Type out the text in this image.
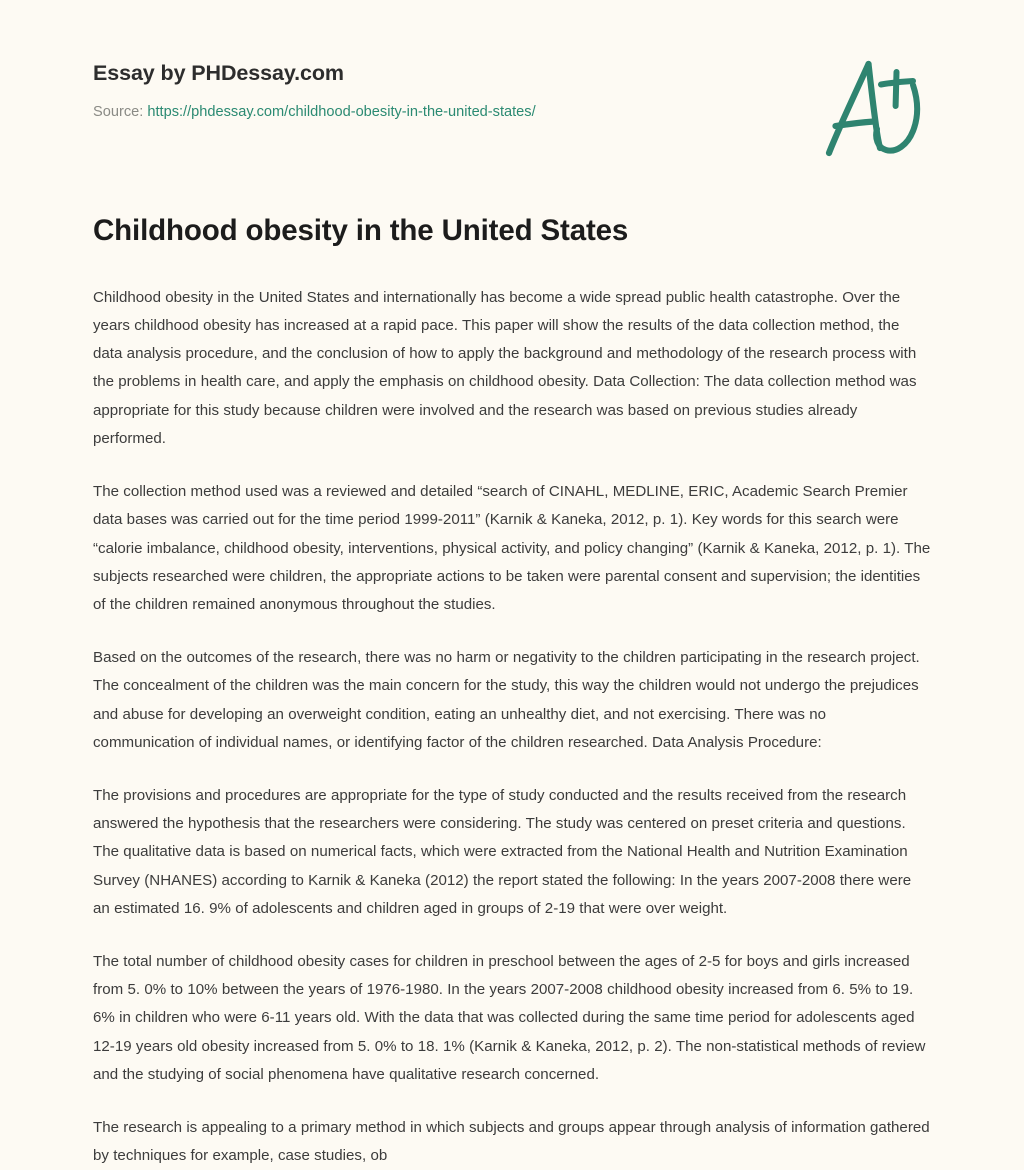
Essay by PHDessay.com
Source: https://phdessay.com/childhood-obesity-in-the-united-states/
Childhood obesity in the United States

Childhood obesity in the United States and internationally has become a wide spread public health catastrophe. Over the years childhood obesity has increased at a rapid pace. This paper will show the results of the data collection method, the data analysis procedure, and the conclusion of how to apply the background and methodology of the research process with the problems in health care, and apply the emphasis on childhood obesity. Data Collection: The data collection method was appropriate for this study because children were involved and the research was based on previous studies already performed.

The collection method used was a reviewed and detailed “search of CINAHL, MEDLINE, ERIC, Academic Search Premier data bases was carried out for the time period 1999-2011” (Karnik & Kaneka, 2012, p. 1). Key words for this search were “calorie imbalance, childhood obesity, interventions, physical activity, and policy changing” (Karnik & Kaneka, 2012, p. 1). The subjects researched were children, the appropriate actions to be taken were parental consent and supervision; the identities of the children remained anonymous throughout the studies.

Based on the outcomes of the research, there was no harm or negativity to the children participating in the research project. The concealment of the children was the main concern for the study, this way the children would not undergo the prejudices and abuse for developing an overweight condition, eating an unhealthy diet, and not exercising. There was no communication of individual names, or identifying factor of the children researched. Data Analysis Procedure:

The provisions and procedures are appropriate for the type of study conducted and the results received from the research answered the hypothesis that the researchers were considering. The study was centered on preset criteria and questions. The qualitative data is based on numerical facts, which were extracted from the National Health and Nutrition Examination Survey (NHANES) according to Karnik & Kaneka (2012) the report stated the following: In the years 2007-2008 there were an estimated 16. 9% of adolescents and children aged in groups of 2-19 that were over weight.

The total number of childhood obesity cases for children in preschool between the ages of 2-5 for boys and girls increased from 5. 0% to 10% between the years of 1976-1980. In the years 2007-2008 childhood obesity increased from 6. 5% to 19. 6% in children who were 6-11 years old. With the data that was collected during the same time period for adolescents aged 12-19 years old obesity increased from 5. 0% to 18. 1% (Karnik & Kaneka, 2012, p. 2). The non-statistical methods of review and the studying of social phenomena have qualitative research concerned.

The research is appealing to a primary method in which subjects and groups appear through analysis of information gathered by techniques for example, case studies, ob
